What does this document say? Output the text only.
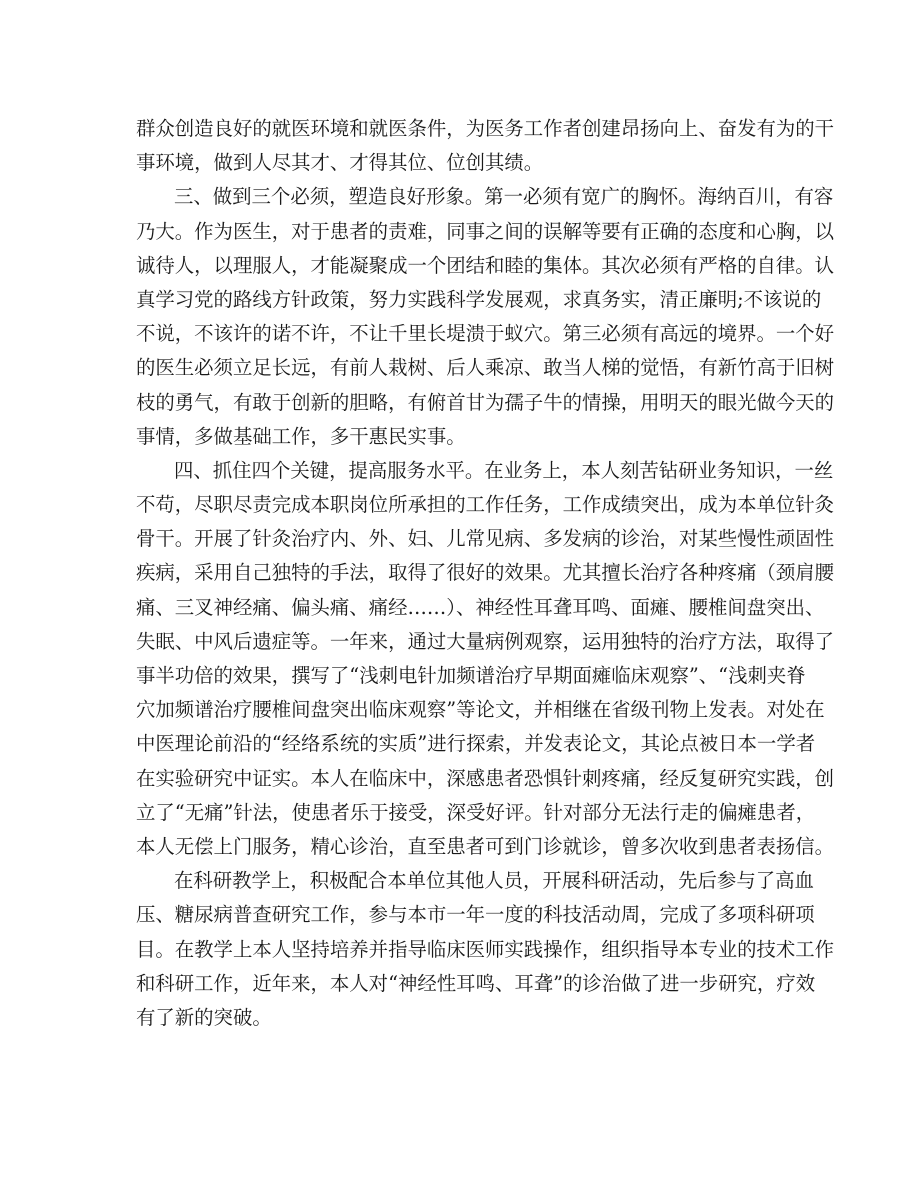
群众创造良好的就医环境和就医条件，为医务工作者创建昂扬向上、奋发有为的干
事环境，做到人尽其才、才得其位、位创其绩。
三、做到三个必须，塑造良好形象。第一必须有宽广的胸怀。海纳百川，有容
乃大。作为医生，对于患者的责难，同事之间的误解等要有正确的态度和心胸，以
诚待人，以理服人，才能凝聚成一个团结和睦的集体。其次必须有严格的自律。认
真学习党的路线方针政策，努力实践科学发展观，求真务实，清正廉明;不该说的
不说，不该许的诺不许，不让千里长堤溃于蚁穴。第三必须有高远的境界。一个好
的医生必须立足长远，有前人栽树、后人乘凉、敢当人梯的觉悟，有新竹高于旧树
枝的勇气，有敢于创新的胆略，有俯首甘为孺子牛的情操，用明天的眼光做今天的
事情，多做基础工作，多干惠民实事。
四、抓住四个关键，提高服务水平。在业务上，本人刻苦钻研业务知识，一丝
不苟，尽职尽责完成本职岗位所承担的工作任务，工作成绩突出，成为本单位针灸
骨干。开展了针灸治疗内、外、妇、儿常见病、多发病的诊治，对某些慢性顽固性
疾病，采用自己独特的手法，取得了很好的效果。尤其擅长治疗各种疼痛（颈肩腰
痛、三叉神经痛、偏头痛、痛经……）、神经性耳聋耳鸣、面瘫、腰椎间盘突出、
失眠、中风后遗症等。一年来，通过大量病例观察，运用独特的治疗方法，取得了
事半功倍的效果，撰写了“浅刺电针加频谱治疗早期面瘫临床观察”、“浅刺夹脊
穴加频谱治疗腰椎间盘突出临床观察”等论文，并相继在省级刊物上发表。对处在
中医理论前沿的“经络系统的实质”进行探索，并发表论文，其论点被日本一学者
在实验研究中证实。本人在临床中，深感患者恐惧针刺疼痛，经反复研究实践，创
立了“无痛”针法，使患者乐于接受，深受好评。针对部分无法行走的偏瘫患者，
本人无偿上门服务，精心诊治，直至患者可到门诊就诊，曾多次收到患者表扬信。
在科研教学上，积极配合本单位其他人员，开展科研活动，先后参与了高血
压、糖尿病普查研究工作，参与本市一年一度的科技活动周，完成了多项科研项
目。在教学上本人坚持培养并指导临床医师实践操作，组织指导本专业的技术工作
和科研工作，近年来，本人对“神经性耳鸣、耳聋”的诊治做了进一步研究，疗效
有了新的突破。
